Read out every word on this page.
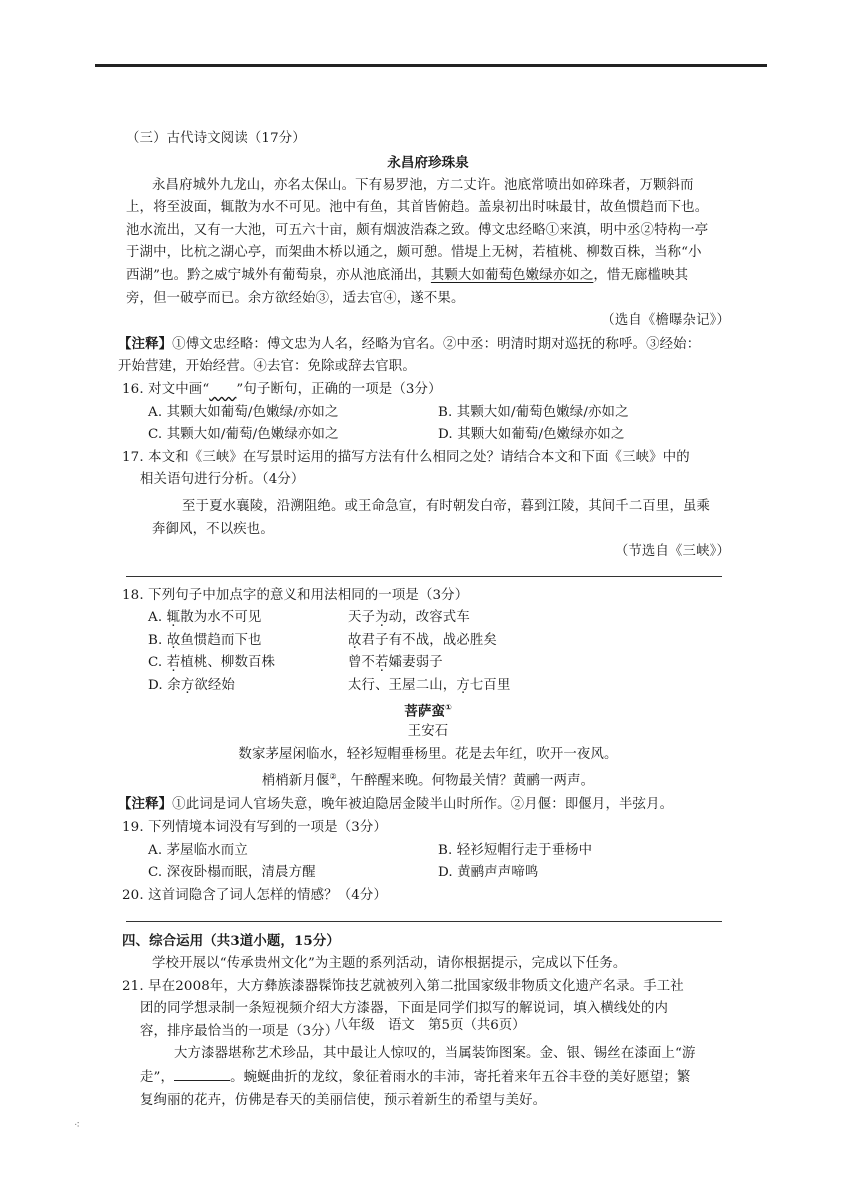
（三）古代诗文阅读（17分）
永昌府珍珠泉
永昌府城外九龙山，亦名太保山。下有易罗池，方二丈许。池底常喷出如碎珠者，万颗斜而
上，将至波面，辄散为水不可见。池中有鱼，其首皆俯趋。盖泉初出时味最甘，故鱼惯趋而下也。
池水流出，又有一大池，可五六十亩，颇有烟波浩森之致。傅文忠经略①来滇，明中丞②特构一亭
于湖中，比杭之湖心亭，而架曲木桥以通之，颇可憩。惜堤上无树，若植桃、柳数百株，当称“小
西湖”也。黔之威宁城外有葡萄泉，亦从池底涌出，其颗大如葡萄色嫩绿亦如之，惜无廊槛映其
旁，但一破亭而已。余方欲经始③，适去官④，遂不果。
（选自《檐曝杂记》）
【注释】①傅文忠经略：傅文忠为人名，经略为官名。②中丞：明清时期对巡抚的称呼。③经始：
开始营建，开始经营。④去官：免除或辞去官职。
16. 对文中画“　　 ”句子断句，正确的一项是（3分）
A. 其颗大如葡萄/色嫩绿/亦如之	B. 其颗大如/葡萄色嫩绿/亦如之
C. 其颗大如/葡萄/色嫩绿亦如之	D. 其颗大如葡萄/色嫩绿亦如之
17. 本文和《三峡》在写景时运用的描写方法有什么相同之处？请结合本文和下面《三峡》中的
相关语句进行分析。（4分）
至于夏水襄陵，沿溯阻绝。或王命急宣，有时朝发白帝，暮到江陵，其间千二百里，虽乘
奔御风，不以疾也。
（节选自《三峡》）
18. 下列句子中加点字的意义和用法相同的一项是（3分）
A. 辄散为水不可见	天子为动，改容式车
B. 故鱼惯趋而下也	故君子有不战，战必胜矣
C. 若植桃、柳数百株	曾不若孀妻弱子
D. 余方欲经始	太行、王屋二山，方七百里
菩萨蛮①
王安石
数家茅屋闲临水，轻衫短帽垂杨里。花是去年红，吹开一夜风。
梢梢新月偃②，午醉醒来晚。何物最关情？黄鹂一两声。
【注释】①此词是词人官场失意，晚年被迫隐居金陵半山时所作。②月偃：即偃月，半弦月。
19. 下列情境本词没有写到的一项是（3分）
A. 茅屋临水而立	B. 轻衫短帽行走于垂杨中
C. 深夜卧榻而眠，清晨方醒	D. 黄鹂声声啼鸣
20. 这首词隐含了词人怎样的情感？（4分）
四、综合运用（共3道小题，15分）
学校开展以“传承贵州文化”为主题的系列活动，请你根据提示，完成以下任务。
21. 早在2008年，大方彝族漆器髹饰技艺就被列入第二批国家级非物质文化遗产名录。手工社
团的同学想录制一条短视频介绍大方漆器，下面是同学们拟写的解说词，填入横线处的内
容，排序最恰当的一项是（3分）
大方漆器堪称艺术珍品，其中最让人惊叹的，当属装饰图案。金、银、锡丝在漆面上“游
走”，	。蜿蜒曲折的龙纹，象征着雨水的丰沛，寄托着来年五谷丰登的美好愿望；繁
复绚丽的花卉，仿佛是春天的美丽信使，预示着新生的希望与美好。
八年级　语文　第5页（共6页）
⁖
